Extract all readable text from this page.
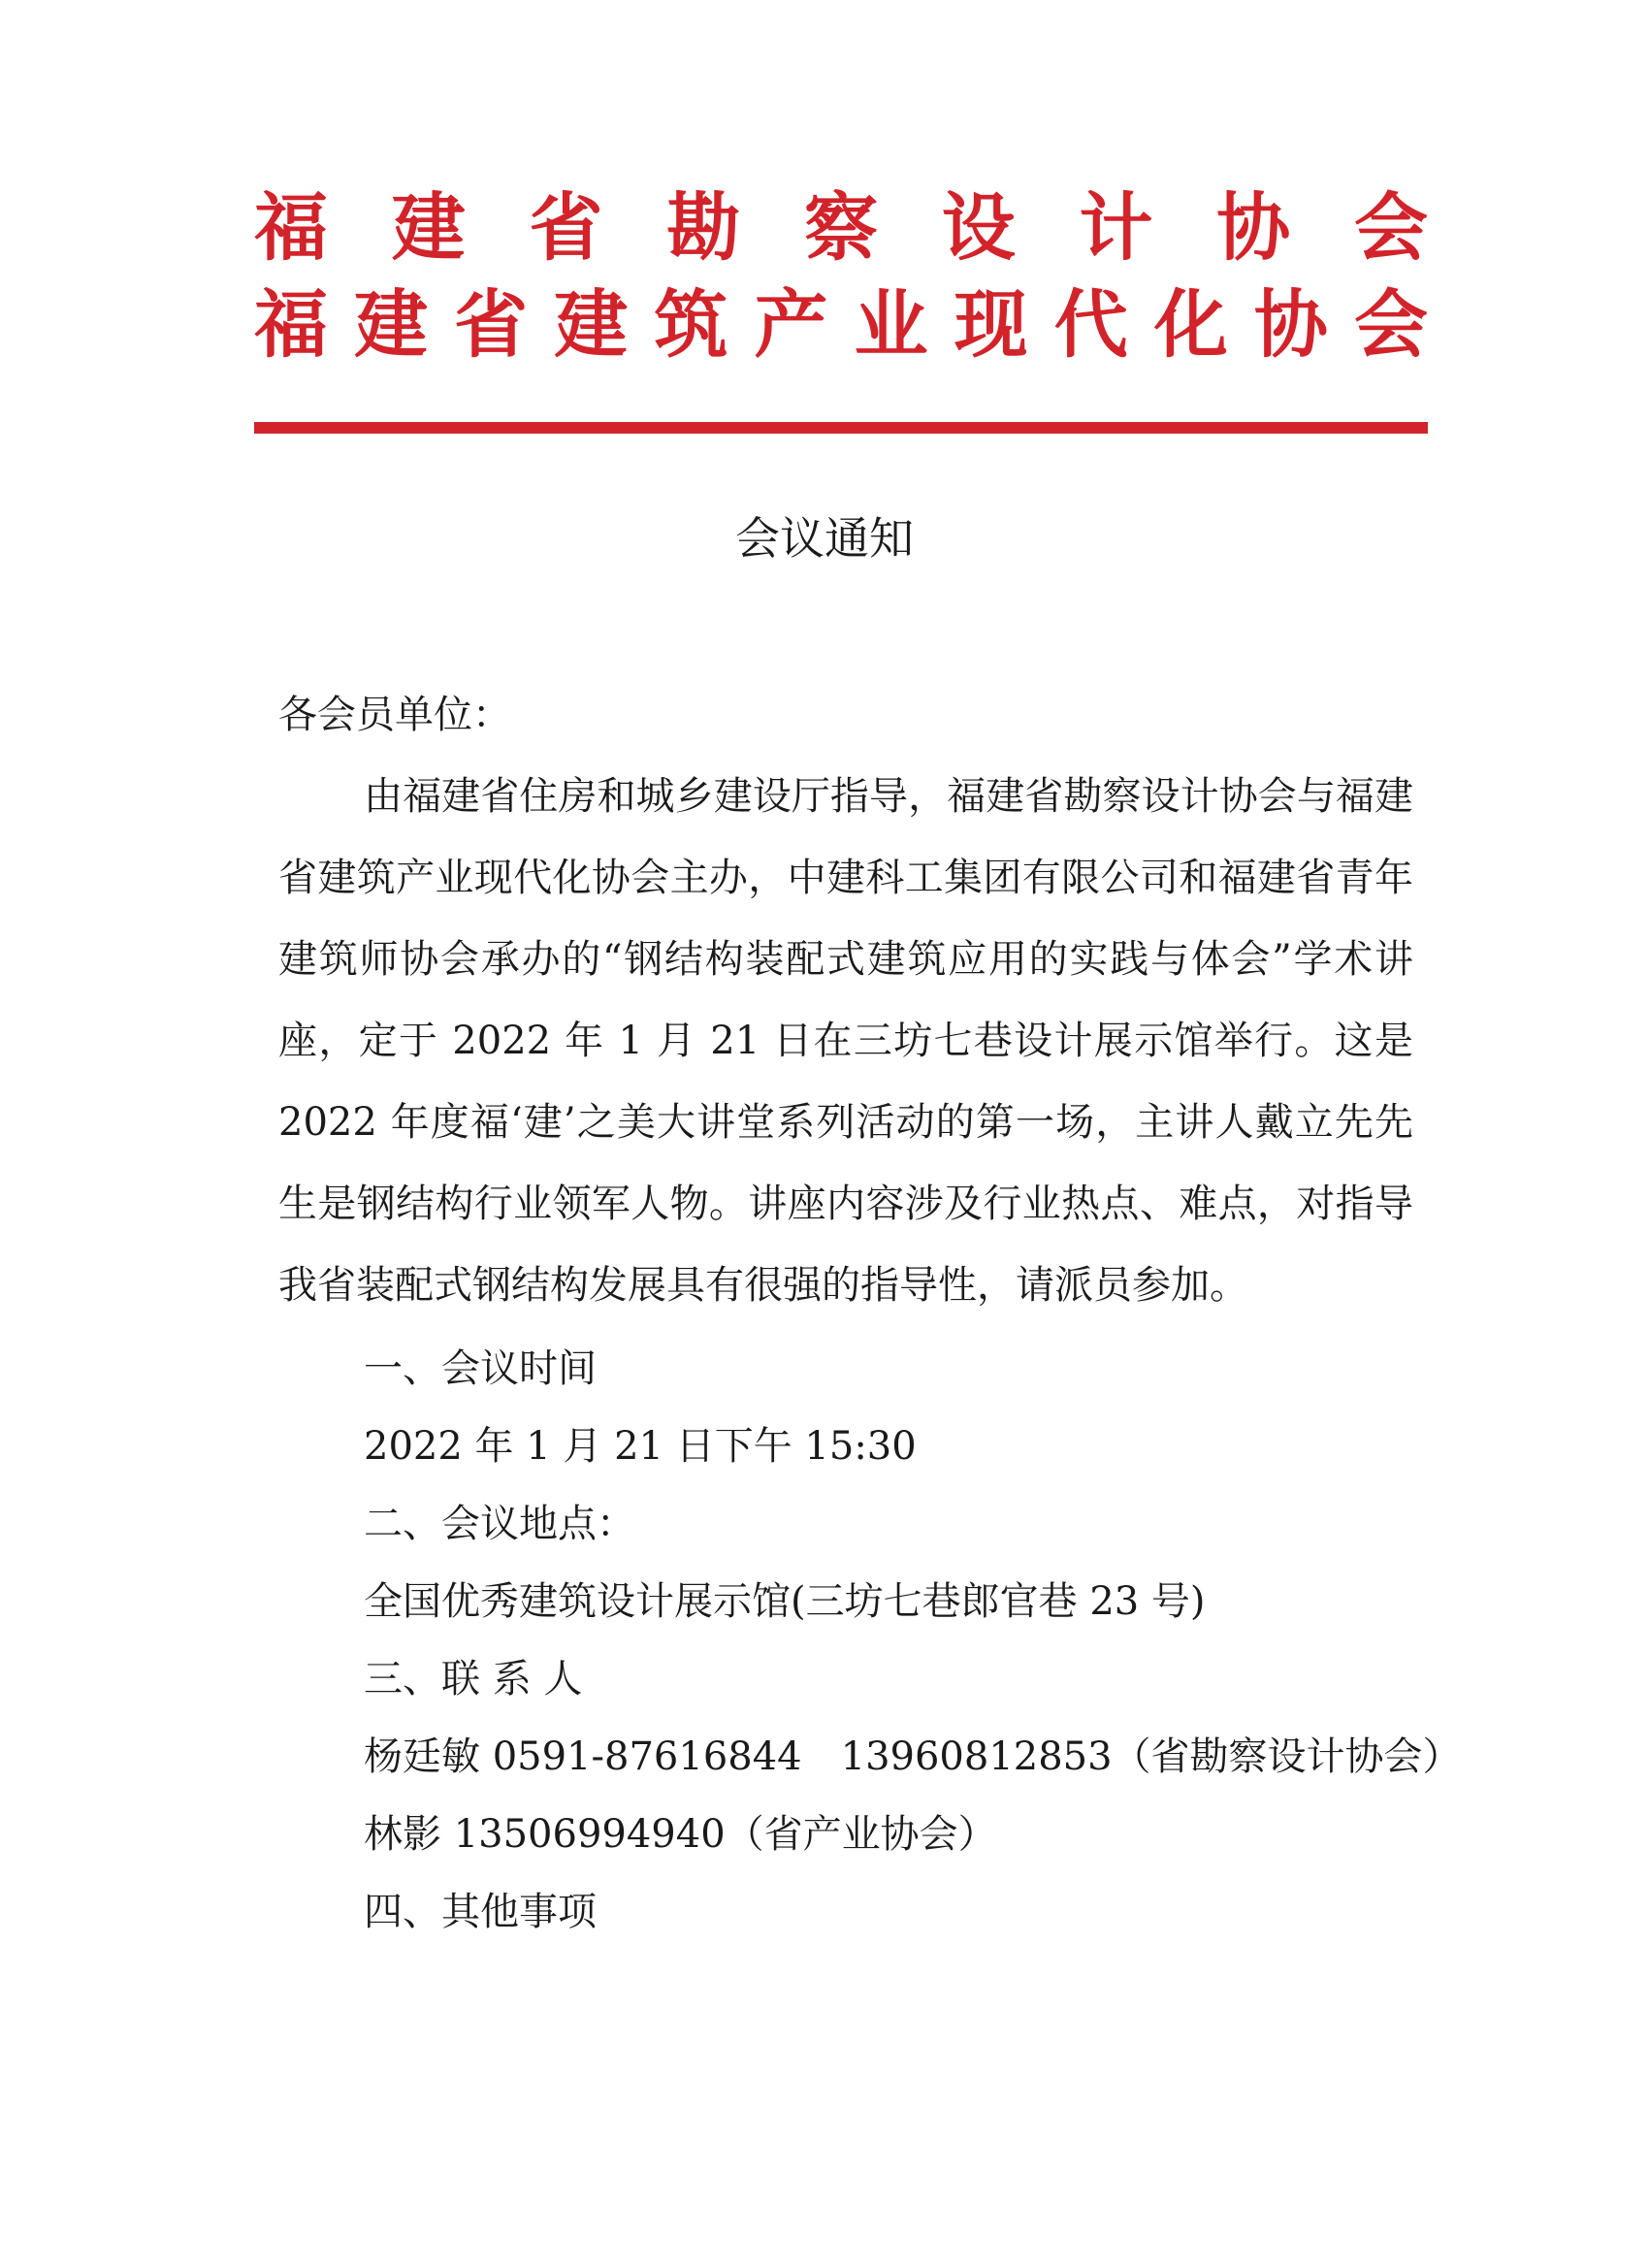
福建省勘察设计协会
福建省建筑产业现代化协会
会议通知

各会员单位：

由福建省住房和城乡建设厅指导，福建省勘察设计协会与福建省建筑产业现代化协会主办，中建科工集团有限公司和福建省青年建筑师协会承办的“钢结构装配式建筑应用的实践与体会”学术讲座，定于 2022 年 1 月 21 日在三坊七巷设计展示馆举行。这是 2022 年度福‘建’之美大讲堂系列活动的第一场，主讲人戴立先先生是钢结构行业领军人物。讲座内容涉及行业热点、难点，对指导我省装配式钢结构发展具有很强的指导性，请派员参加。

一、会议时间

2022 年 1 月 21 日下午 15:30

二、会议地点：

全国优秀建筑设计展示馆(三坊七巷郎官巷 23 号)

三、联 系 人

杨廷敏 0591-87616844　13960812853（省勘察设计协会）

林影 13506994940（省产业协会）

四、其他事项
